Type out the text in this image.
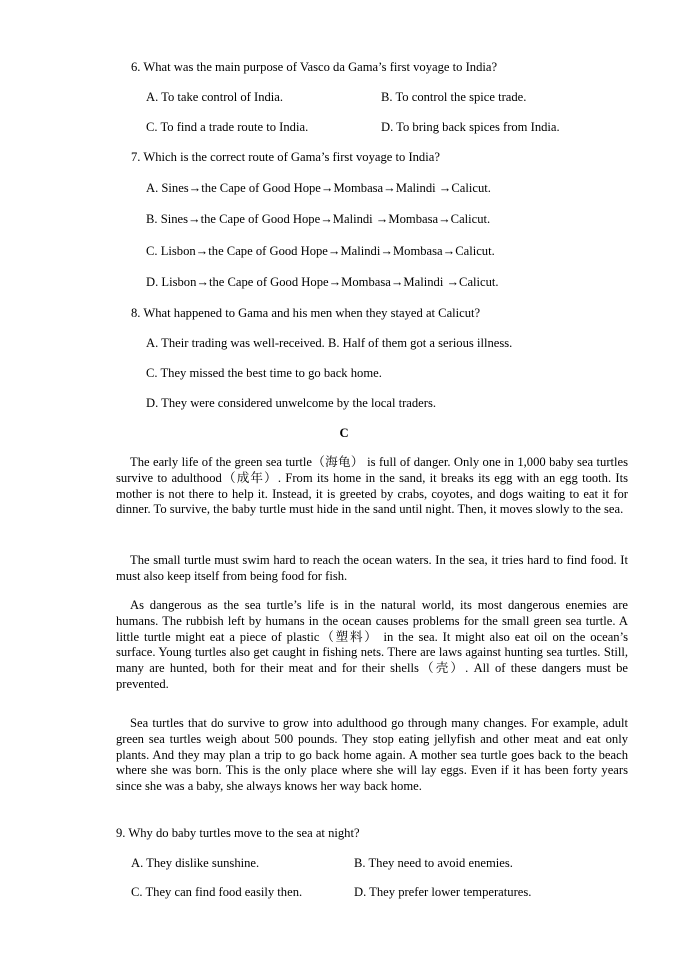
6. What was the main purpose of Vasco da Gama’s first voyage to India?
A. To take control of India.	B. To control the spice trade.
C. To find a trade route to India.	D. To bring back spices from India.
7. Which is the correct route of Gama’s first voyage to India?
A. Sines→the Cape of Good Hope→Mombasa→Malindi →Calicut.
B. Sines→the Cape of Good Hope→Malindi →Mombasa→Calicut.
C. Lisbon→the Cape of Good Hope→Malindi→Mombasa→Calicut.
D. Lisbon→the Cape of Good Hope→Mombasa→Malindi →Calicut.
8. What happened to Gama and his men when they stayed at Calicut?
A. Their trading was well-received. B. Half of them got a serious illness.
C. They missed the best time to go back home.
D. They were considered unwelcome by the local traders.
C
The early life of the green sea turtle（海龟） is full of danger. Only one in 1,000 baby sea turtles survive to adulthood（成年）. From its home in the sand, it breaks its egg with an egg tooth. Its mother is not there to help it. Instead, it is greeted by crabs, coyotes, and dogs waiting to eat it for dinner. To survive, the baby turtle must hide in the sand until night. Then, it moves slowly to the sea.
The small turtle must swim hard to reach the ocean waters. In the sea, it tries hard to find food. It must also keep itself from being food for fish.
As dangerous as the sea turtle’s life is in the natural world, its most dangerous enemies are humans. The rubbish left by humans in the ocean causes problems for the small green sea turtle. A little turtle might eat a piece of plastic（塑料） in the sea. It might also eat oil on the ocean’s surface. Young turtles also get caught in fishing nets. There are laws against hunting sea turtles. Still, many are hunted, both for their meat and for their shells（壳）. All of these dangers must be prevented.
Sea turtles that do survive to grow into adulthood go through many changes. For example, adult green sea turtles weigh about 500 pounds. They stop eating jellyfish and other meat and eat only plants. And they may plan a trip to go back home again. A mother sea turtle goes back to the beach where she was born. This is the only place where she will lay eggs. Even if it has been forty years since she was a baby, she always knows her way back home.
9. Why do baby turtles move to the sea at night?
A. They dislike sunshine.	B. They need to avoid enemies.
C. They can find food easily then.	D. They prefer lower temperatures.
